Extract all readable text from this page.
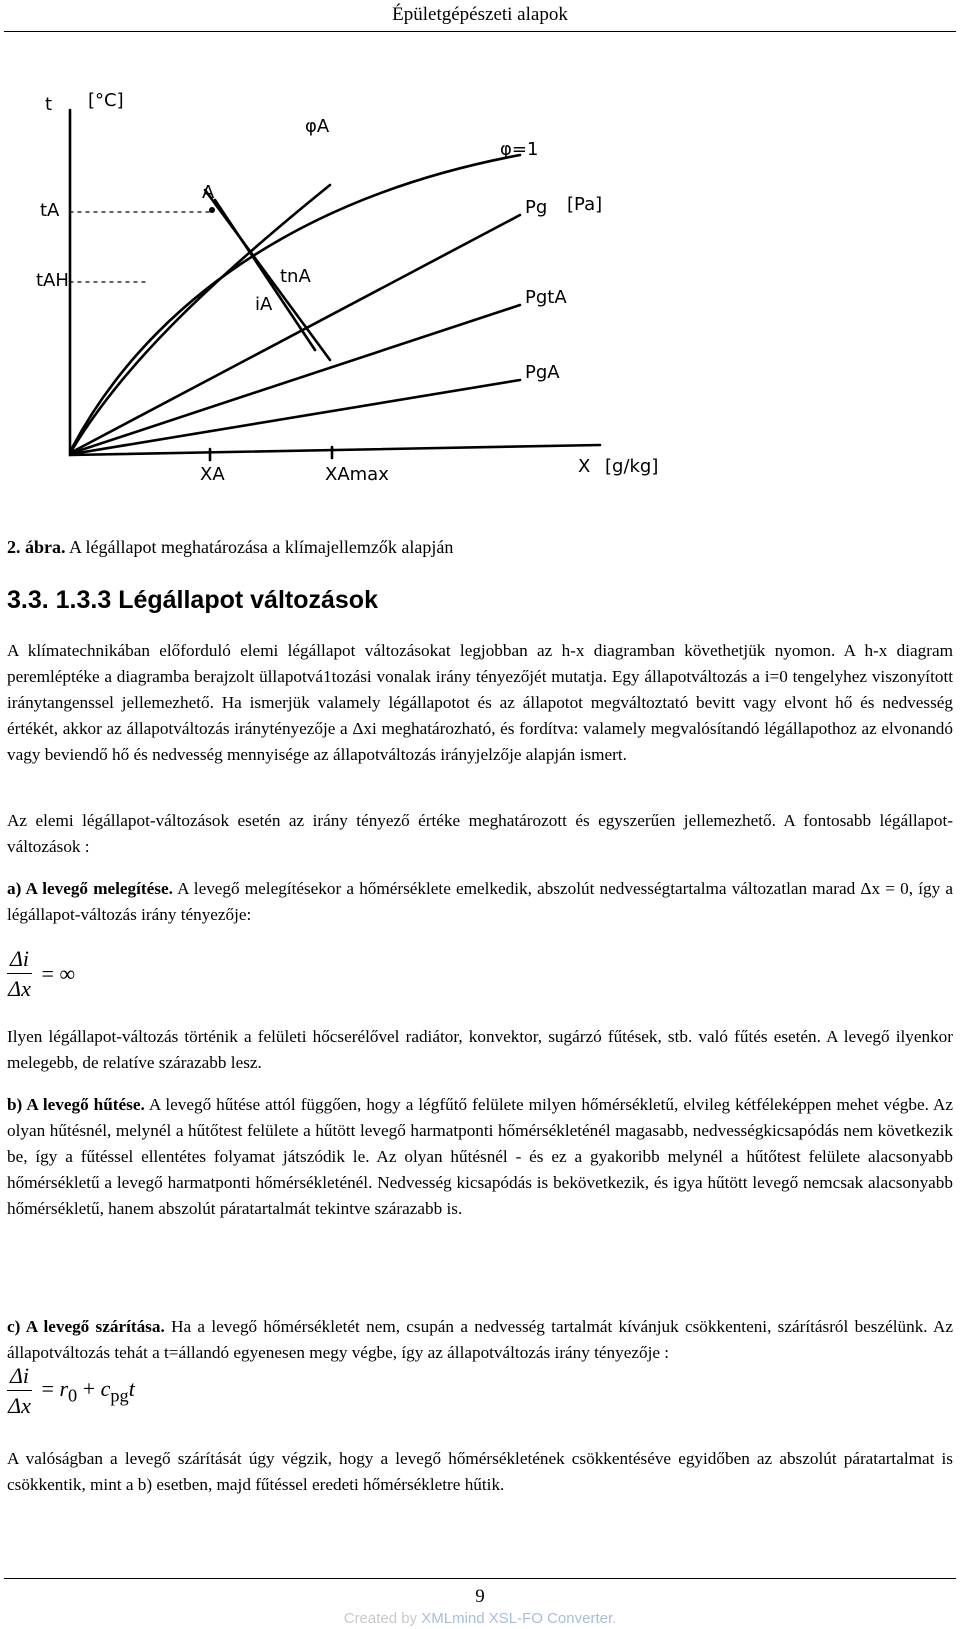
Épületgépészeti alapok
t [°C]
φA
φ=1
A
tA
tAH	tnA
iA
Pg [Pa]
PgtA
PgA
XA	XAmax	X [g/kg]
2. ábra. A légállapot meghatározása a klímajellemzők alapján
3.3. 1.3.3 Légállapot változások
A klímatechnikában előforduló elemi légállapot változásokat legjobban az h-x diagramban követhetjük nyomon. A h-x diagram peremléptéke a diagramba berajzolt üllapotvá1tozási vonalak irány tényezőjét mutatja. Egy állapotváltozás a i=0 tengelyhez viszonyított iránytangenssel jellemezhető. Ha ismerjük valamely légállapotot és az állapotot megváltoztató bevitt vagy elvont hő és nedvesség értékét, akkor az állapotváltozás iránytényezője a Δxi meghatározható, és fordítva: valamely megvalósítandó légállapothoz az elvonandó vagy beviendő hő és nedvesség mennyisége az állapotváltozás irányjelzője alapján ismert.
Az elemi légállapot-változások esetén az irány tényező értéke meghatározott és egyszerűen jellemezhető. A fontosabb légállapot-változások :
a) A levegő melegítése. A levegő melegítésekor a hőmérséklete emelkedik, abszolút nedvességtartalma változatlan marad Δx = 0, így a légállapot-változás irány tényezője:
$\frac{\Delta i}{\Delta x}$ = ∞
Ilyen légállapot-változás történik a felületi hőcserélővel radiátor, konvektor, sugárzó fűtések, stb. való fűtés esetén. A levegő ilyenkor melegebb, de relatíve szárazabb lesz.
b) A levegő hűtése. A levegő hűtése attól függően, hogy a légfűtő felülete milyen hőmérsékletű, elvileg kétféleképpen mehet végbe. Az olyan hűtésnél, melynél a hűtőtest felülete a hűtött levegő harmatponti hőmérsékleténél magasabb, nedvességkicsapódás nem következik be, így a fűtéssel ellentétes folyamat játszódik le. Az olyan hűtésnél - és ez a gyakoribb melynél a hűtőtest felülete alacsonyabb hőmérsékletű a levegő harmatponti hőmérsékleténél. Nedvesség kicsapódás is bekövetkezik, és igya hűtött levegő nemcsak alacsonyabb hőmérsékletű, hanem abszolút páratartalmát tekintve szárazabb is.
c) A levegő szárítása. Ha a levegő hőmérsékletét nem, csupán a nedvesség tartalmát kívánjuk csökkenteni, szárításról beszélünk. Az állapotváltozás tehát a t=állandó egyenesen megy végbe, így az állapotváltozás irány tényezője :
$\frac{\Delta i}{\Delta x} = r_0 + c_{pg}t$
A valóságban a levegő szárítását úgy végzik, hogy a levegő hőmérsékletének csökkentéséve egyidőben az abszolút páratartalmat is csökkentik, mint a b) esetben, majd fűtéssel eredeti hőmérsékletre hűtik.
9
Created by XMLmind XSL-FO Converter.
